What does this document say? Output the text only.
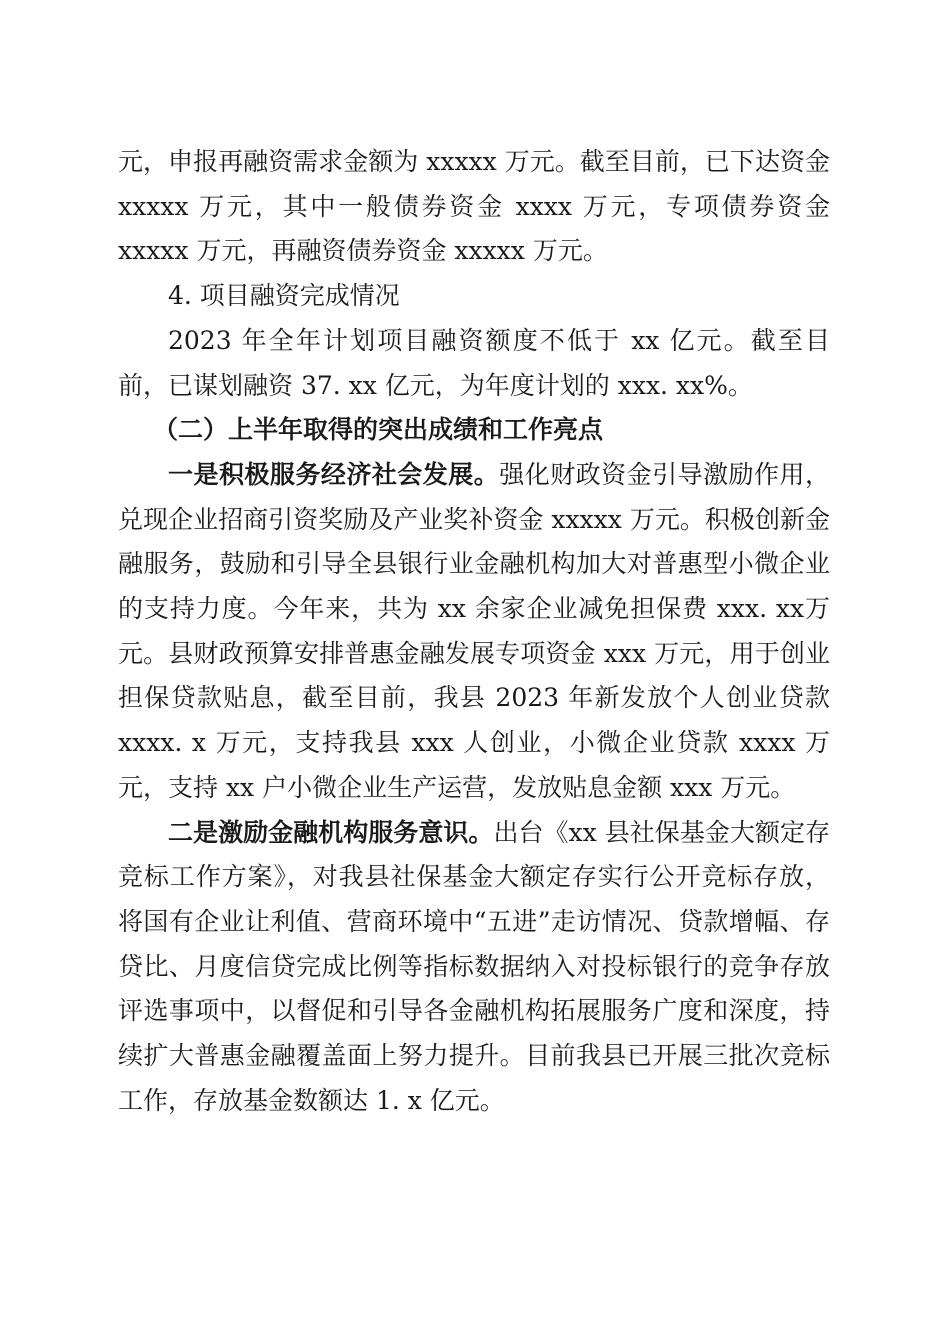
元，申报再融资需求金额为 xxxxx 万元。截至目前，已下达资金 xxxxx 万元，其中一般债券资金 xxxx 万元，专项债券资金xxxxx 万元，再融资债券资金 xxxxx 万元。

4. 项目融资完成情况

2023 年全年计划项目融资额度不低于 xx 亿元。截至目前，已谋划融资 37. xx 亿元，为年度计划的 xxx. xx%。

（二）上半年取得的突出成绩和工作亮点

一是积极服务经济社会发展。强化财政资金引导激励作用，兑现企业招商引资奖励及产业奖补资金 xxxxx 万元。积极创新金融服务，鼓励和引导全县银行业金融机构加大对普惠型小微企业的支持力度。今年来，共为 xx 余家企业减免担保费 xxx. xx万元。县财政预算安排普惠金融发展专项资金 xxx 万元，用于创业担保贷款贴息，截至目前，我县 2023 年新发放个人创业贷款 xxxx. x 万元，支持我县 xxx 人创业，小微企业贷款 xxxx 万元，支持 xx 户小微企业生产运营，发放贴息金额 xxx 万元。

二是激励金融机构服务意识。出台《xx 县社保基金大额定存竞标工作方案》，对我县社保基金大额定存实行公开竞标存放，将国有企业让利值、营商环境中“五进”走访情况、贷款增幅、存贷比、月度信贷完成比例等指标数据纳入对投标银行的竞争存放评选事项中，以督促和引导各金融机构拓展服务广度和深度，持续扩大普惠金融覆盖面上努力提升。目前我县已开展三批次竞标工作，存放基金数额达 1. x 亿元。
